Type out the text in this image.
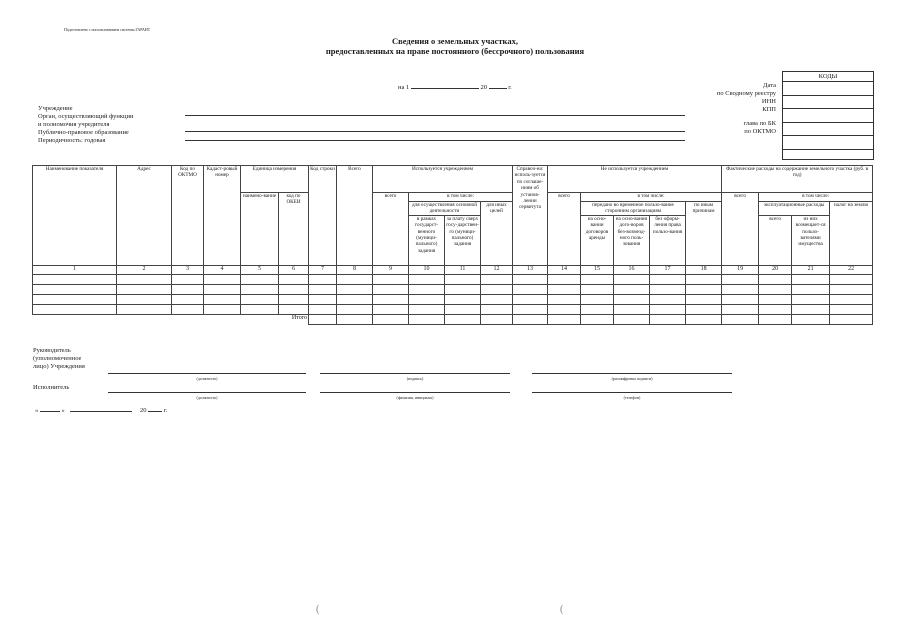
Подготовлено с использованием системы ГАРАНТ
Сведения о земельных участках,
предоставленных на праве постоянного (бессрочного) пользования
на 1	20	г.
КОДЫ
Дата
по Сводному реестру
ИНН
КПП
глава по БК
по ОКТМО
Учреждение
Орган, осуществляющий функции
и полномочия учредителя
Публично-правовое образование
Периодичность: годовая
Наименование показателя	Адрес	Код по ОКТМО	Кадаст-ровый номер	Единица измерения		Код строки	Всего	Используется учреждением				Справоч-но: исполь-зуется по соглаше-ниям об установ-лении сервитута	Не используется учреждением					Фактические расходы на содержание земельного участка (руб. в год)			
				наимено-вание	код по ОКЕИ			всего	в том числе:				всего	в том числе:				всего	в том числе:		
									для осуществления основной деятельности		для иных целей			передано во временное пользо-вание сторонним организациям			по иным причинам		эксплуатационные расходы		налог на землю
									в рамках государст-венного (муници-пального) задания	за плату сверх госу-дарствен-го (муници-пального) задания				на осно-вании договоров аренды	на осно-вании дого-воров без-возмезд-ного поль-зования	без оформ-ления права пользо-вания			всего	из них возмещает-ся пользо-вателями имущества	
1	2	3	4	5	6	7	8	9	10	11	12	13	14	15	16	17	18	19	20	21	22

Итого																					
Руководитель
(уполномоченное
лицо) Учреждения
(должность)	(подпись)	(расшифровка подписи)
Исполнитель
(должность)	(фамилия, инициалы)	(телефон)
«	»	20	г.
(	(
